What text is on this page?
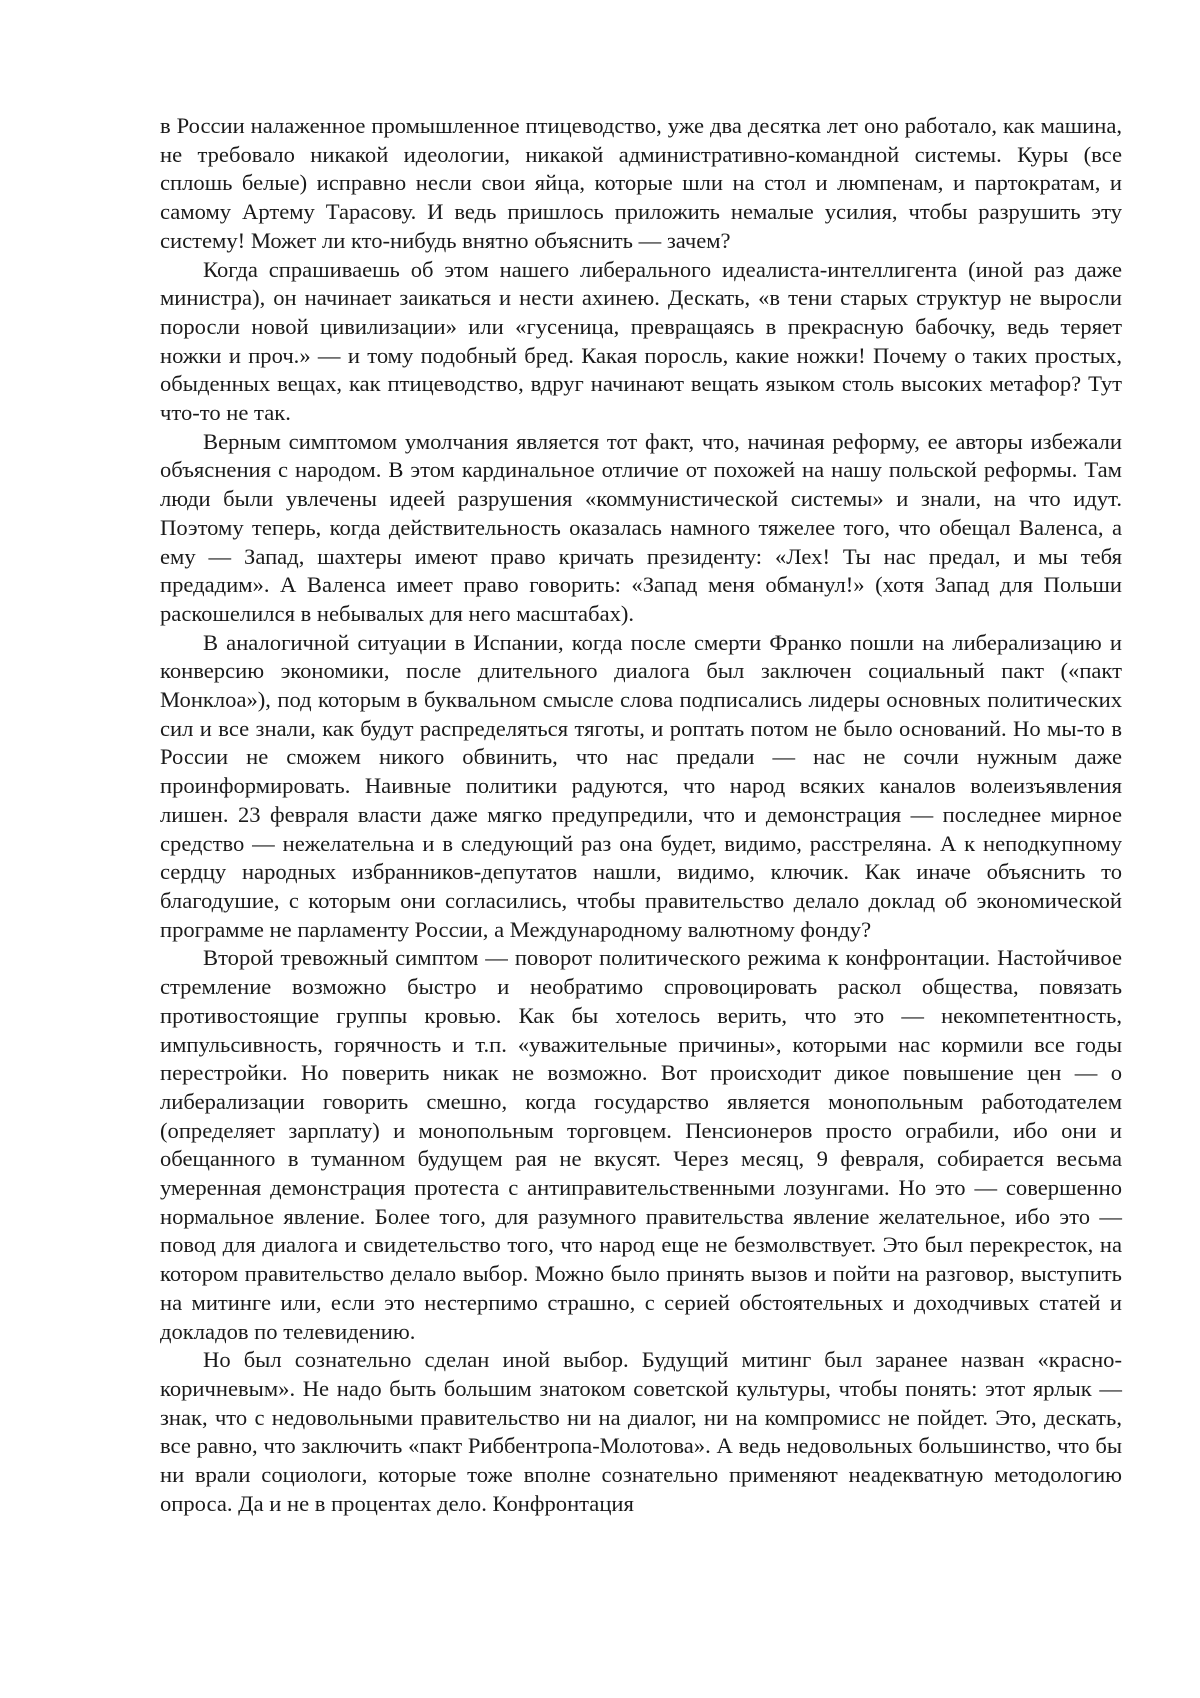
в России налаженное промышленное птицеводство, уже два десятка лет оно работало, как машина, не требовало никакой идеологии, никакой административно-командной системы. Куры (все сплошь белые) исправно несли свои яйца, которые шли на стол и люмпенам, и партократам, и самому Артему Тарасову. И ведь пришлось приложить немалые усилия, чтобы разрушить эту систему! Может ли кто-нибудь внятно объяснить — зачем?

Когда спрашиваешь об этом нашего либерального идеалиста-интеллигента (иной раз даже министра), он начинает заикаться и нести ахинею. Дескать, «в тени старых структур не выросли поросли новой цивилизации» или «гусеница, превращаясь в прекрасную бабочку, ведь теряет ножки и проч.» — и тому подобный бред. Какая поросль, какие ножки! Почему о таких простых, обыденных вещах, как птицеводство, вдруг начинают вещать языком столь высоких метафор? Тут что-то не так.

Верным симптомом умолчания является тот факт, что, начиная реформу, ее авторы избежали объяснения с народом. В этом кардинальное отличие от похожей на нашу польской реформы. Там люди были увлечены идеей разрушения «коммунистической системы» и знали, на что идут. Поэтому теперь, когда действительность оказалась намного тяжелее того, что обещал Валенса, а ему — Запад, шахтеры имеют право кричать президенту: «Лех! Ты нас предал, и мы тебя предадим». А Валенса имеет право говорить: «Запад меня обманул!» (хотя Запад для Польши раскошелился в небывалых для него масштабах).

В аналогичной ситуации в Испании, когда после смерти Франко пошли на либерализацию и конверсию экономики, после длительного диалога был заключен социальный пакт («пакт Монклоа»), под которым в буквальном смысле слова подписались лидеры основных политических сил и все знали, как будут распределяться тяготы, и роптать потом не было оснований. Но мы-то в России не сможем никого обвинить, что нас предали — нас не сочли нужным даже проинформировать. Наивные политики радуются, что народ всяких каналов волеизъявления лишен. 23 февраля власти даже мягко предупредили, что и демонстрация — последнее мирное средство — нежелательна и в следующий раз она будет, видимо, расстреляна. А к неподкупному сердцу народных избранников-депутатов нашли, видимо, ключик. Как иначе объяснить то благодушие, с которым они согласились, чтобы правительство делало доклад об экономической программе не парламенту России, а Международному валютному фонду?

Второй тревожный симптом — поворот политического режима к конфронтации. Настойчивое стремление возможно быстро и необратимо спровоцировать раскол общества, повязать противостоящие группы кровью. Как бы хотелось верить, что это — некомпетентность, импульсивность, горячность и т.п. «уважительные причины», которыми нас кормили все годы перестройки. Но поверить никак не возможно. Вот происходит дикое повышение цен — о либерализации говорить смешно, когда государство является монопольным работодателем (определяет зарплату) и монопольным торговцем. Пенсионеров просто ограбили, ибо они и обещанного в туманном будущем рая не вкусят. Через месяц, 9 февраля, собирается весьма умеренная демонстрация протеста с антиправительственными лозунгами. Но это — совершенно нормальное явление. Более того, для разумного правительства явление желательное, ибо это — повод для диалога и свидетельство того, что народ еще не безмолвствует. Это был перекресток, на котором правительство делало выбор. Можно было принять вызов и пойти на разговор, выступить на митинге или, если это нестерпимо страшно, с серией обстоятельных и доходчивых статей и докладов по телевидению.

Но был сознательно сделан иной выбор. Будущий митинг был заранее назван «красно-коричневым». Не надо быть большим знатоком советской культуры, чтобы понять: этот ярлык — знак, что с недовольными правительство ни на диалог, ни на компромисс не пойдет. Это, дескать, все равно, что заключить «пакт Риббентропа-Молотова». А ведь недовольных большинство, что бы ни врали социологи, которые тоже вполне сознательно применяют неадекватную методологию опроса. Да и не в процентах дело. Конфронтация
